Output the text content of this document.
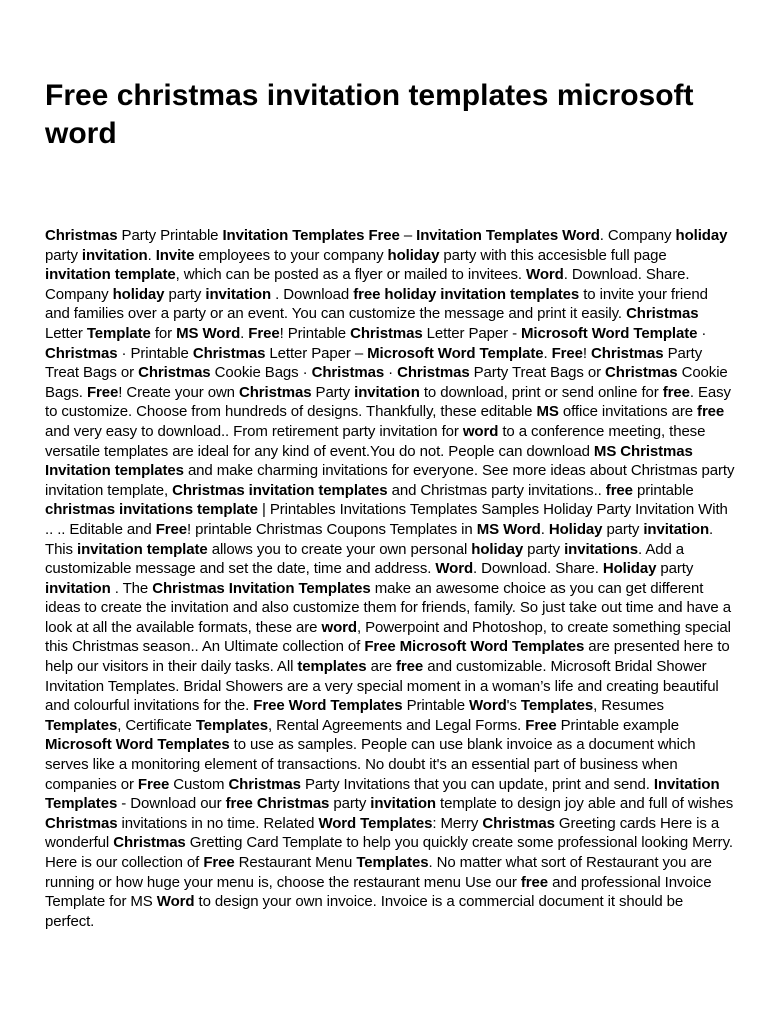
Free christmas invitation templates microsoft word

Christmas Party Printable Invitation Templates Free – Invitation Templates Word. Company holiday party invitation. Invite employees to your company holiday party with this accesisble full page invitation template, which can be posted as a flyer or mailed to invitees. Word. Download. Share. Company holiday party invitation . Download free holiday invitation templates to invite your friend and families over a party or an event. You can customize the message and print it easily. Christmas Letter Template for MS Word. Free! Printable Christmas Letter Paper - Microsoft Word Template · Christmas · Printable Christmas Letter Paper – Microsoft Word Template. Free! Christmas Party Treat Bags or Christmas Cookie Bags · Christmas · Christmas Party Treat Bags or Christmas Cookie Bags. Free! Create your own Christmas Party invitation to download, print or send online for free. Easy to customize. Choose from hundreds of designs. Thankfully, these editable MS office invitations are free and very easy to download.. From retirement party invitation for word to a conference meeting, these versatile templates are ideal for any kind of event.You do not. People can download MS Christmas Invitation templates and make charming invitations for everyone. See more ideas about Christmas party invitation template, Christmas invitation templates and Christmas party invitations.. free printable christmas invitations template | Printables Invitations Templates Samples Holiday Party Invitation With .. .. Editable and Free! printable Christmas Coupons Templates in MS Word. Holiday party invitation. This invitation template allows you to create your own personal holiday party invitations. Add a customizable message and set the date, time and address. Word. Download. Share. Holiday party invitation . The Christmas Invitation Templates make an awesome choice as you can get different ideas to create the invitation and also customize them for friends, family. So just take out time and have a look at all the available formats, these are word, Powerpoint and Photoshop, to create something special this Christmas season.. An Ultimate collection of Free Microsoft Word Templates are presented here to help our visitors in their daily tasks. All templates are free and customizable. Microsoft Bridal Shower Invitation Templates. Bridal Showers are a very special moment in a woman’s life and creating beautiful and colourful invitations for the. Free Word Templates Printable Word's Templates, Resumes Templates, Certificate Templates, Rental Agreements and Legal Forms. Free Printable example Microsoft Word Templates to use as samples. People can use blank invoice as a document which serves like a monitoring element of transactions. No doubt it's an essential part of business when companies or Free Custom Christmas Party Invitations that you can update, print and send. Invitation Templates - Download our free Christmas party invitation template to design joy able and full of wishes Christmas invitations in no time. Related Word Templates: Merry Christmas Greeting cards Here is a wonderful Christmas Gretting Card Template to help you quickly create some professional looking Merry. Here is our collection of Free Restaurant Menu Templates. No matter what sort of Restaurant you are running or how huge your menu is, choose the restaurant menu Use our free and professional Invoice Template for MS Word to design your own invoice. Invoice is a commercial document it should be perfect.
